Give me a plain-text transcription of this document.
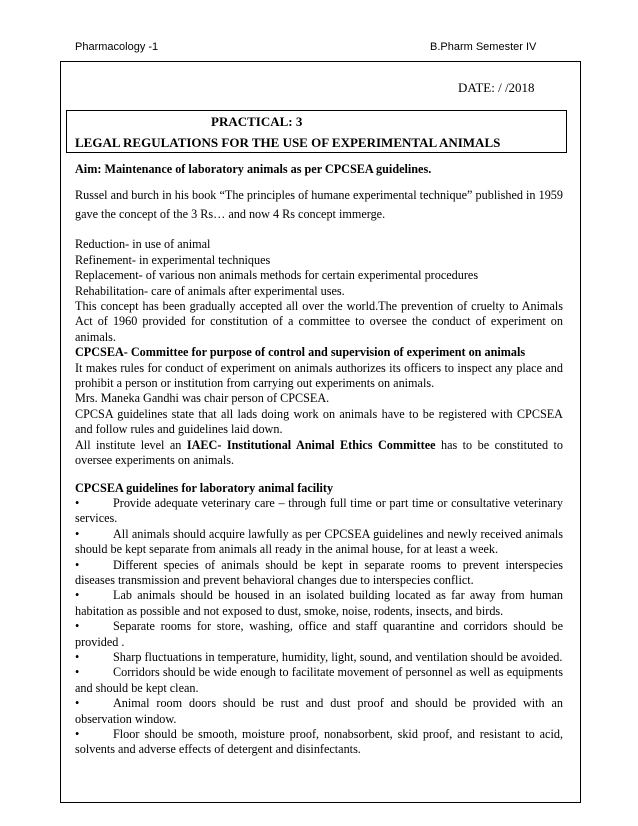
Pharmacology -1	B.Pharm Semester IV
DATE: / /2018
PRACTICAL: 3
LEGAL REGULATIONS FOR THE USE OF EXPERIMENTAL ANIMALS

Aim: Maintenance of laboratory animals as per CPCSEA guidelines.

Russel and burch in his book “The principles of humane experimental technique” published in 1959 gave the concept of the 3 Rs… and now 4 Rs concept immerge.

Reduction- in use of animal

Refinement- in experimental techniques

Replacement- of various non animals methods for certain experimental procedures

Rehabilitation- care of animals after experimental uses.

This concept has been gradually accepted all over the world.The prevention of cruelty to Animals Act of 1960 provided for constitution of a committee to oversee the conduct of experiment on animals.

CPCSEA- Committee for purpose of control and supervision of experiment on animals

It makes rules for conduct of experiment on animals authorizes its officers to inspect any place and prohibit a person or institution from carrying out experiments on animals.

Mrs. Maneka Gandhi was chair person of CPCSEA.

CPCSA guidelines state that all lads doing work on animals have to be registered with CPCSEA and follow rules and guidelines laid down.

All institute level an IAEC- Institutional Animal Ethics Committee has to be constituted to oversee experiments on animals.

CPCSEA guidelines for laboratory animal facility

•	Provide adequate veterinary care – through full time or part time or consultative veterinary services.

•	All animals should acquire lawfully as per CPCSEA guidelines and newly received animals should be kept separate from animals all ready in the animal house, for at least a week.

•	Different species of animals should be kept in separate rooms to prevent interspecies diseases transmission and prevent behavioral changes due to interspecies conflict.

•	Lab animals should be housed in an isolated building located as far away from human habitation as possible and not exposed to dust, smoke, noise, rodents, insects, and birds.

•	Separate rooms for store, washing, office and staff quarantine and corridors should be provided .

•	Sharp fluctuations in temperature, humidity, light, sound, and ventilation should be avoided.

•	Corridors should be wide enough to facilitate movement of personnel as well as equipments and should be kept clean.

•	Animal room doors should be rust and dust proof and should be provided with an observation window.

•	Floor should be smooth, moisture proof, nonabsorbent, skid proof, and resistant to acid, solvents and adverse effects of detergent and disinfectants.
